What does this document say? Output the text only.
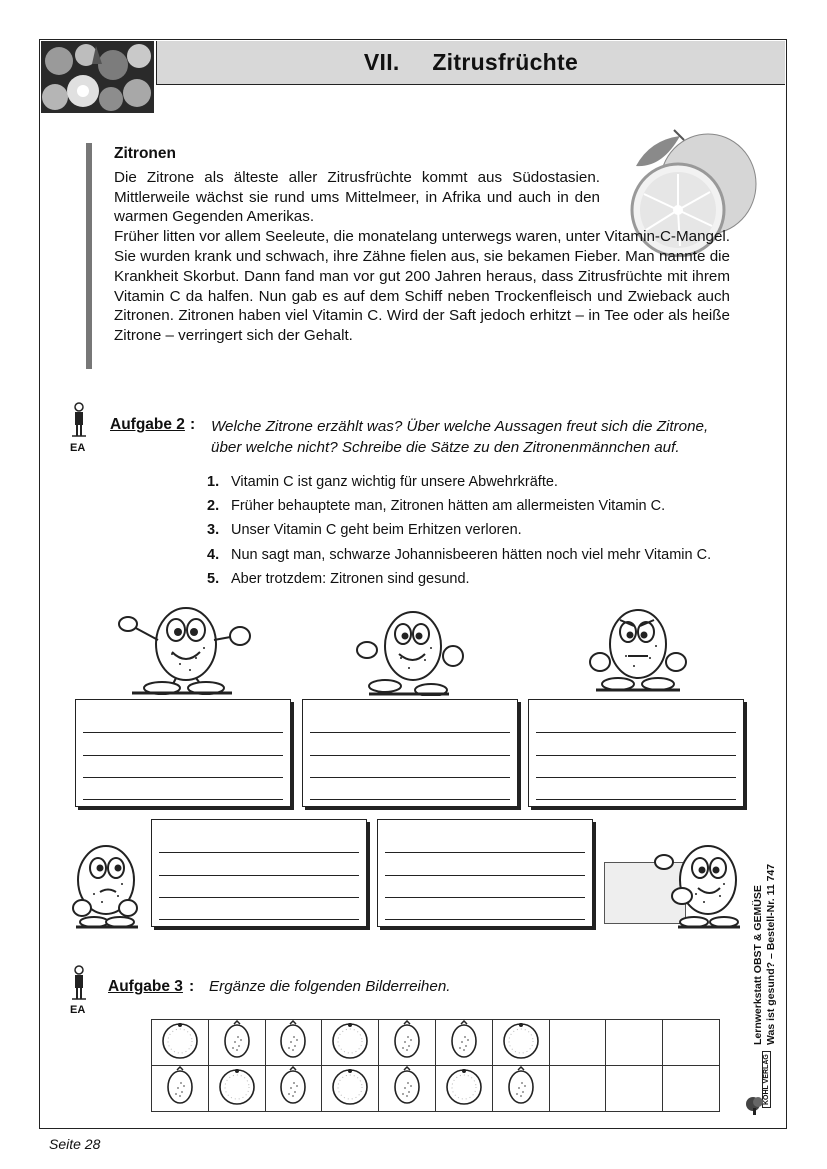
VII. Zitrusfrüchte
Zitronen

Die Zitrone als älteste aller Zitrusfrüchte kommt aus Südostasien. Mittlerweile wächst sie rund ums Mittelmeer, in Afrika und auch in den warmen Gegenden Amerikas.

Früher litten vor allem Seeleute, die monatelang unterwegs waren, unter Vitamin-C-Mangel. Sie wurden krank und schwach, ihre Zähne fielen aus, sie bekamen Fieber. Man nannte die Krankheit Skorbut. Dann fand man vor gut 200 Jahren heraus, dass Zitrusfrüchte mit ihrem Vitamin C da halfen. Nun gab es auf dem Schiff neben Trockenfleisch und Zwieback auch Zitronen. Zitronen haben viel Vitamin C. Wird der Saft jedoch erhitzt – in Tee oder als heiße Zitrone – verringert sich der Gehalt.

EA
Aufgabe 2 : Welche Zitrone erzählt was? Über welche Aussagen freut sich die Zitrone, über welche nicht? Schreibe die Sätze zu den Zitronenmännchen auf.
1. Vitamin C ist ganz wichtig für unsere Abwehrkräfte.
2. Früher behauptete man, Zitronen hätten am allermeisten Vitamin C.
3. Unser Vitamin C geht beim Erhitzen verloren.
4. Nun sagt man, schwarze Johannisbeeren hätten noch viel mehr Vitamin C.
5. Aber trotzdem: Zitronen sind gesund.
EA
Aufgabe 3 : Ergänze die folgenden Bilderreihen.

										Lernwerkstatt OBST & GEMÜSE Was ist gesund? – Bestell-Nr. 11 747
KOHL VERLAG
Seite 28
